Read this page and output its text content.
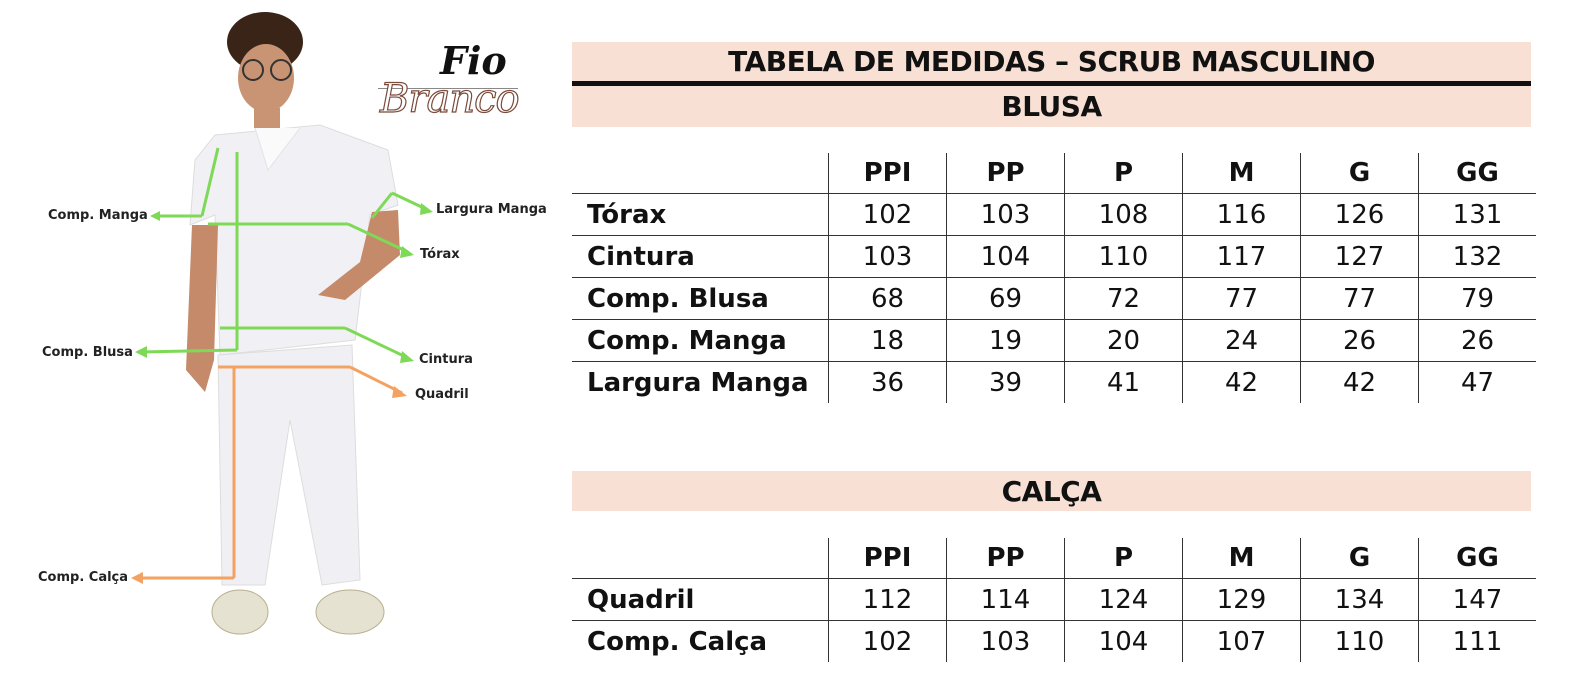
Comp. Manga	Largura Manga
Tórax
Comp. Blusa	Cintura
Quadril
Comp. Calça
Fio
Branco
TABELA DE MEDIDAS – SCRUB MASCULINO
BLUSA
	PPI	PP	P	M	G	GG
Tórax	102	103	108	116	126	131
Cintura	103	104	110	117	127	132
Comp. Blusa	68	69	72	77	77	79
Comp. Manga	18	19	20	24	26	26
Largura Manga	36	39	41	42	42	47
CALÇA
	PPI	PP	P	M	G	GG
Quadril	112	114	124	129	134	147
Comp. Calça	102	103	104	107	110	111
